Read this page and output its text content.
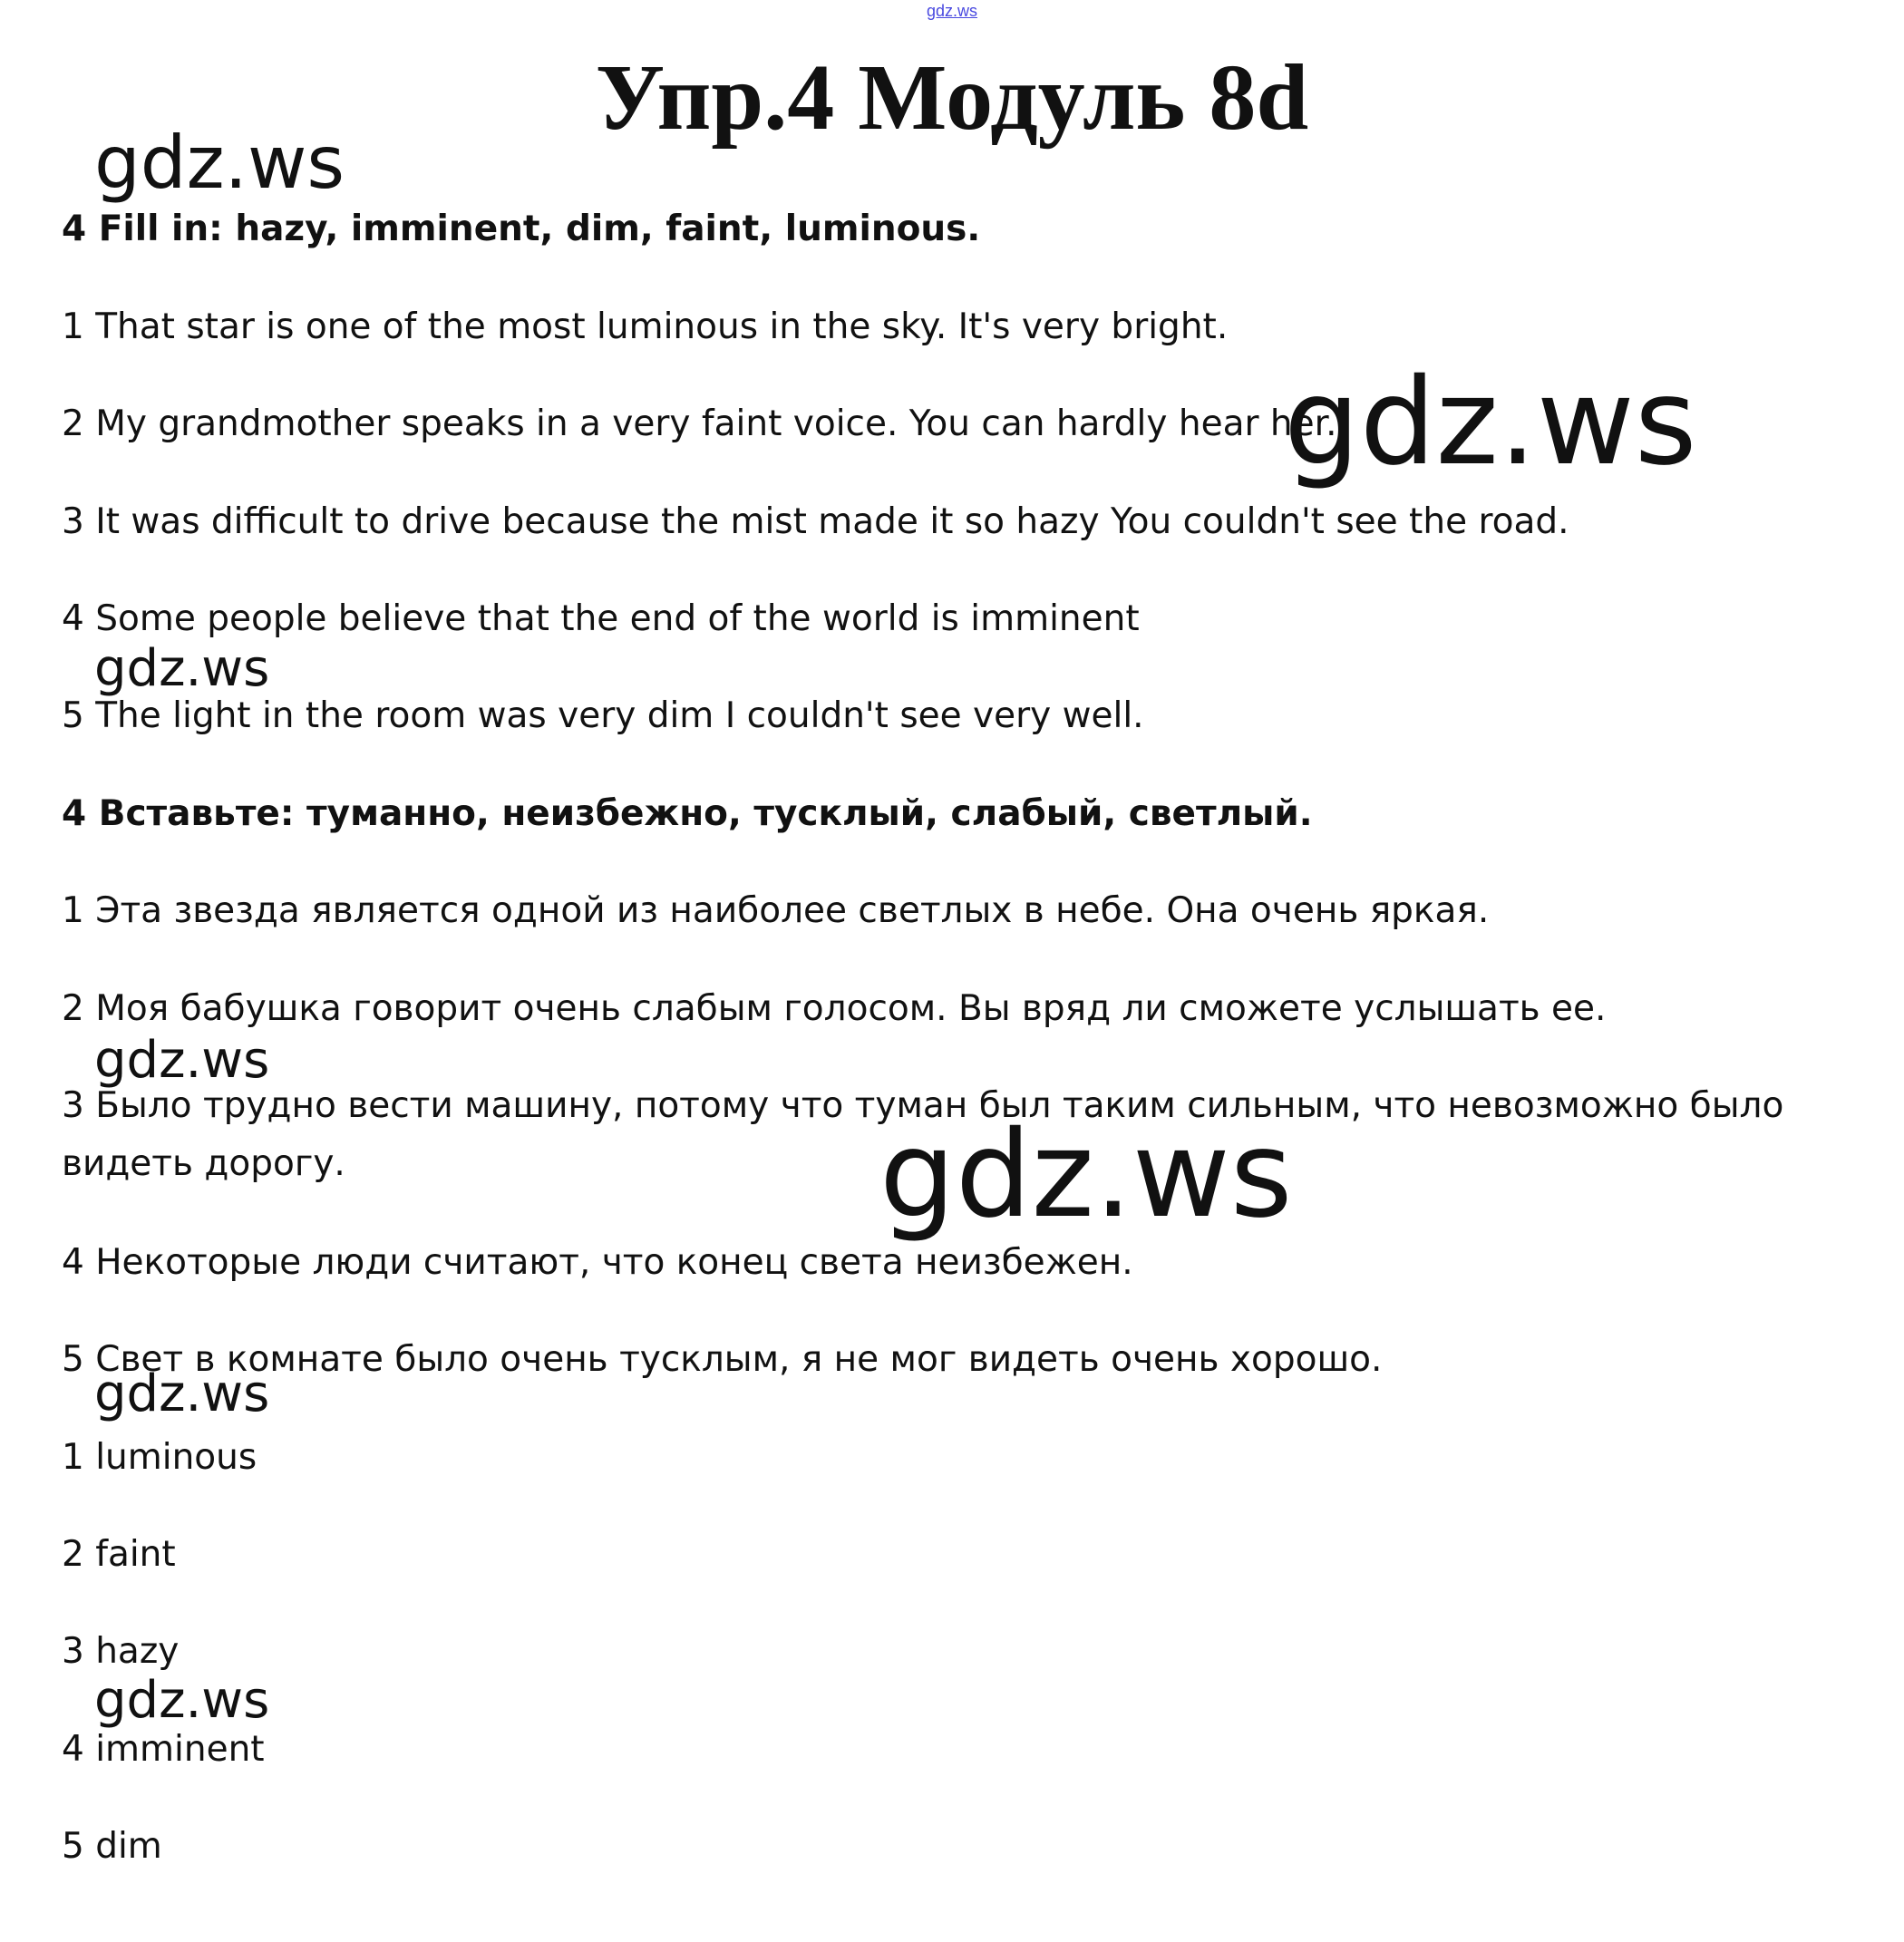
gdz.ws
Упр.4 Модуль 8d
4 Fill in: hazy, imminent, dim, faint, luminous.
1 That star is one of the most luminous in the sky. It's very bright.
2 My grandmother speaks in a very faint voice. You can hardly hear her.
3 It was difficult to drive because the mist made it so hazy You couldn't see the road.
4 Some people believe that the end of the world is imminent
5 The light in the room was very dim I couldn't see very well.
4 Вставьте: туманно, неизбежно, тусклый, слабый, светлый.
1 Эта звезда является одной из наиболее светлых в небе. Она очень яркая.
2 Моя бабушка говорит очень слабым голосом. Вы вряд ли сможете услышать ее.
3 Было трудно вести машину, потому что туман был таким сильным, что невозможно было видеть дорогу.
4 Некоторые люди считают, что конец света неизбежен.
5 Свет в комнате было очень тусклым, я не мог видеть очень хорошо.
1 luminous
2 faint
3 hazy
4 imminent
5 dim
gdz.ws
gdz.ws
gdz.ws
gdz.ws
gdz.ws
gdz.ws
gdz.ws
